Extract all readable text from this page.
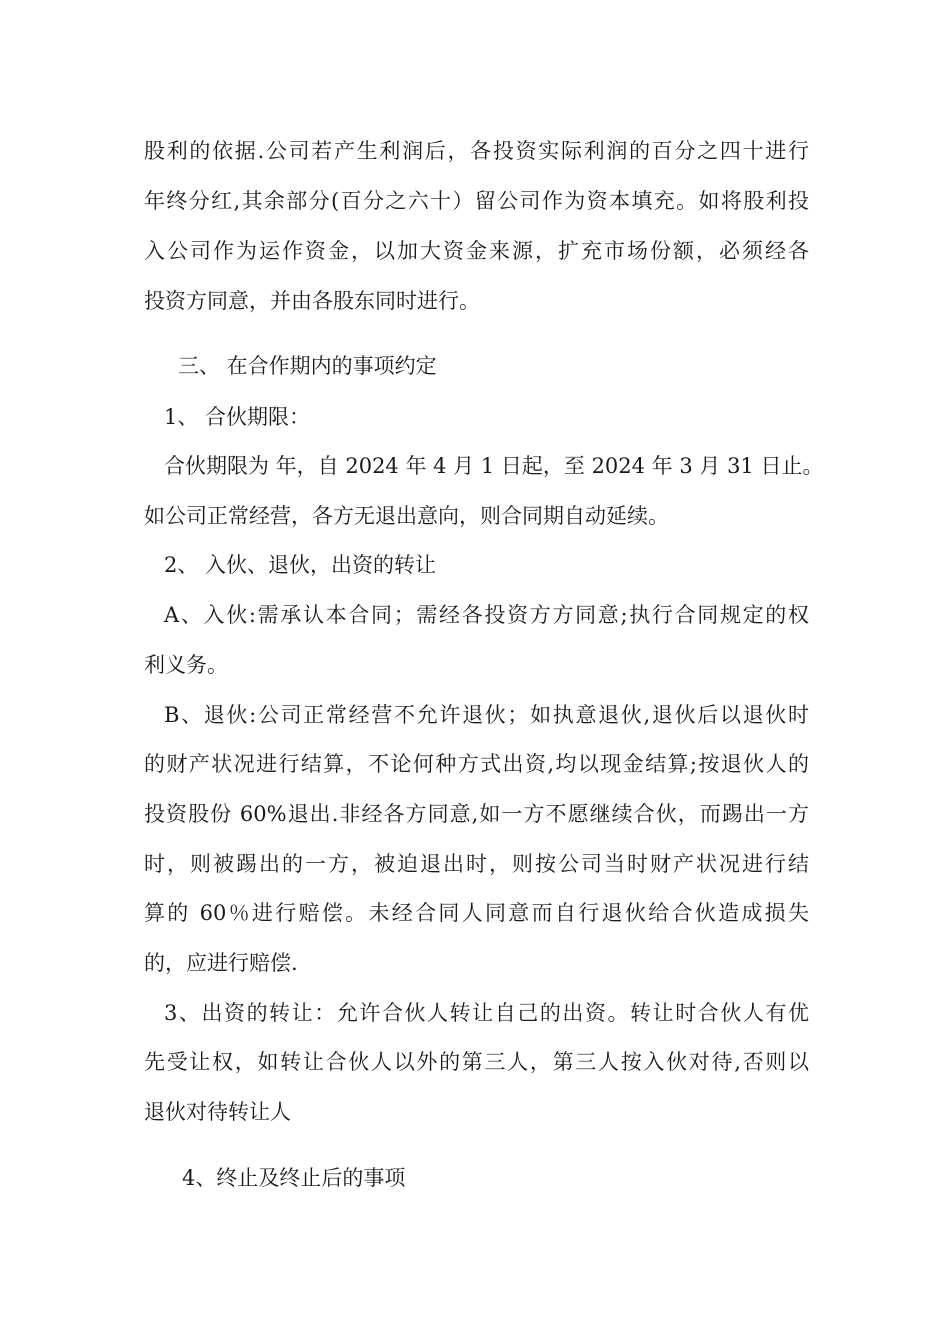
股利的依据.公司若产生利润后，各投资实际利润的百分之四十进行
年终分红,其余部分(百分之六十）留公司作为资本填充。如将股利投
入公司作为运作资金，以加大资金来源，扩充市场份额，必须经各
投资方同意，并由各股东同时进行。
三、 在合作期内的事项约定
1、 合伙期限：
合伙期限为 年，自 2024 年 4 月 1 日起，至 2024 年 3 月 31 日止。
如公司正常经营，各方无退出意向，则合同期自动延续。
2、 入伙、退伙，出资的转让
A、入伙:需承认本合同；需经各投资方方同意;执行合同规定的权
利义务。
B、退伙:公司正常经营不允许退伙；如执意退伙,退伙后以退伙时
的财产状况进行结算，不论何种方式出资,均以现金结算;按退伙人的
投资股份 60%退出.非经各方同意,如一方不愿继续合伙，而踢出一方
时，则被踢出的一方，被迫退出时，则按公司当时财产状况进行结
算的 60％进行赔偿。未经合同人同意而自行退伙给合伙造成损失
的，应进行赔偿.
3、出资的转让：允许合伙人转让自己的出资。转让时合伙人有优
先受让权，如转让合伙人以外的第三人，第三人按入伙对待,否则以
退伙对待转让人
4、终止及终止后的事项
